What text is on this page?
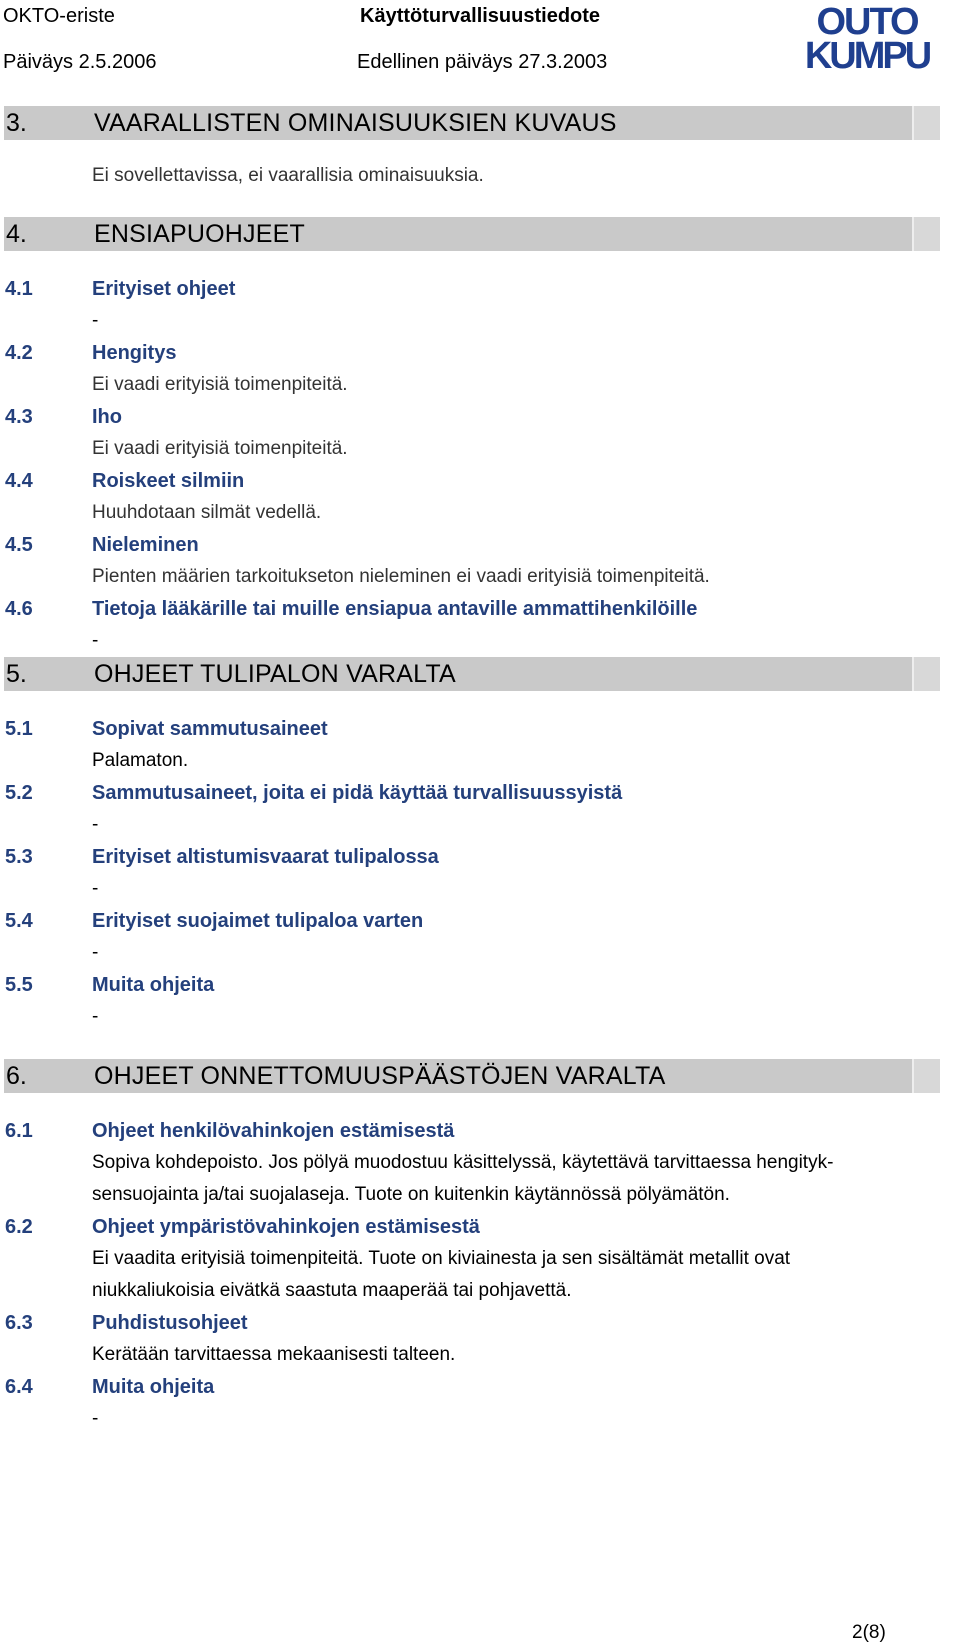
OKTO-eriste	Käyttöturvallisuustiedote
Päiväys 2.5.2006	Edellinen päiväys 27.3.2003
OUTO
KUMPU
3.	VAARALLISTEN OMINAISUUKSIEN KUVAUS
Ei sovellettavissa, ei vaarallisia ominaisuuksia.
4.	ENSIAPUOHJEET
4.1	Erityiset ohjeet
-
4.2	Hengitys
Ei vaadi erityisiä toimenpiteitä.
4.3	Iho
Ei vaadi erityisiä toimenpiteitä.
4.4	Roiskeet silmiin
Huuhdotaan silmät vedellä.
4.5	Nieleminen
Pienten määrien tarkoitukseton nieleminen ei vaadi erityisiä toimenpiteitä.
4.6	Tietoja lääkärille tai muille ensiapua antaville ammattihenkilöille
-
5.	OHJEET TULIPALON VARALTA
5.1	Sopivat sammutusaineet
Palamaton.
5.2	Sammutusaineet, joita ei pidä käyttää turvallisuussyistä
-
5.3	Erityiset altistumisvaarat tulipalossa
-
5.4	Erityiset suojaimet tulipaloa varten
-
5.5	Muita ohjeita
-
6.	OHJEET ONNETTOMUUSPÄÄSTÖJEN VARALTA
6.1	Ohjeet henkilövahinkojen estämisestä
Sopiva kohdepoisto. Jos pölyä muodostuu käsittelyssä, käytettävä tarvittaessa hengityk-
sensuojainta ja/tai suojalaseja. Tuote on kuitenkin käytännössä pölyämätön.
6.2	Ohjeet ympäristövahinkojen estämisestä
Ei vaadita erityisiä toimenpiteitä. Tuote on kiviainesta ja sen sisältämät metallit ovat
niukkaliukoisia eivätkä saastuta maaperää tai pohjavettä.
6.3	Puhdistusohjeet
Kerätään tarvittaessa mekaanisesti talteen.
6.4	Muita ohjeita
-
2(8)
